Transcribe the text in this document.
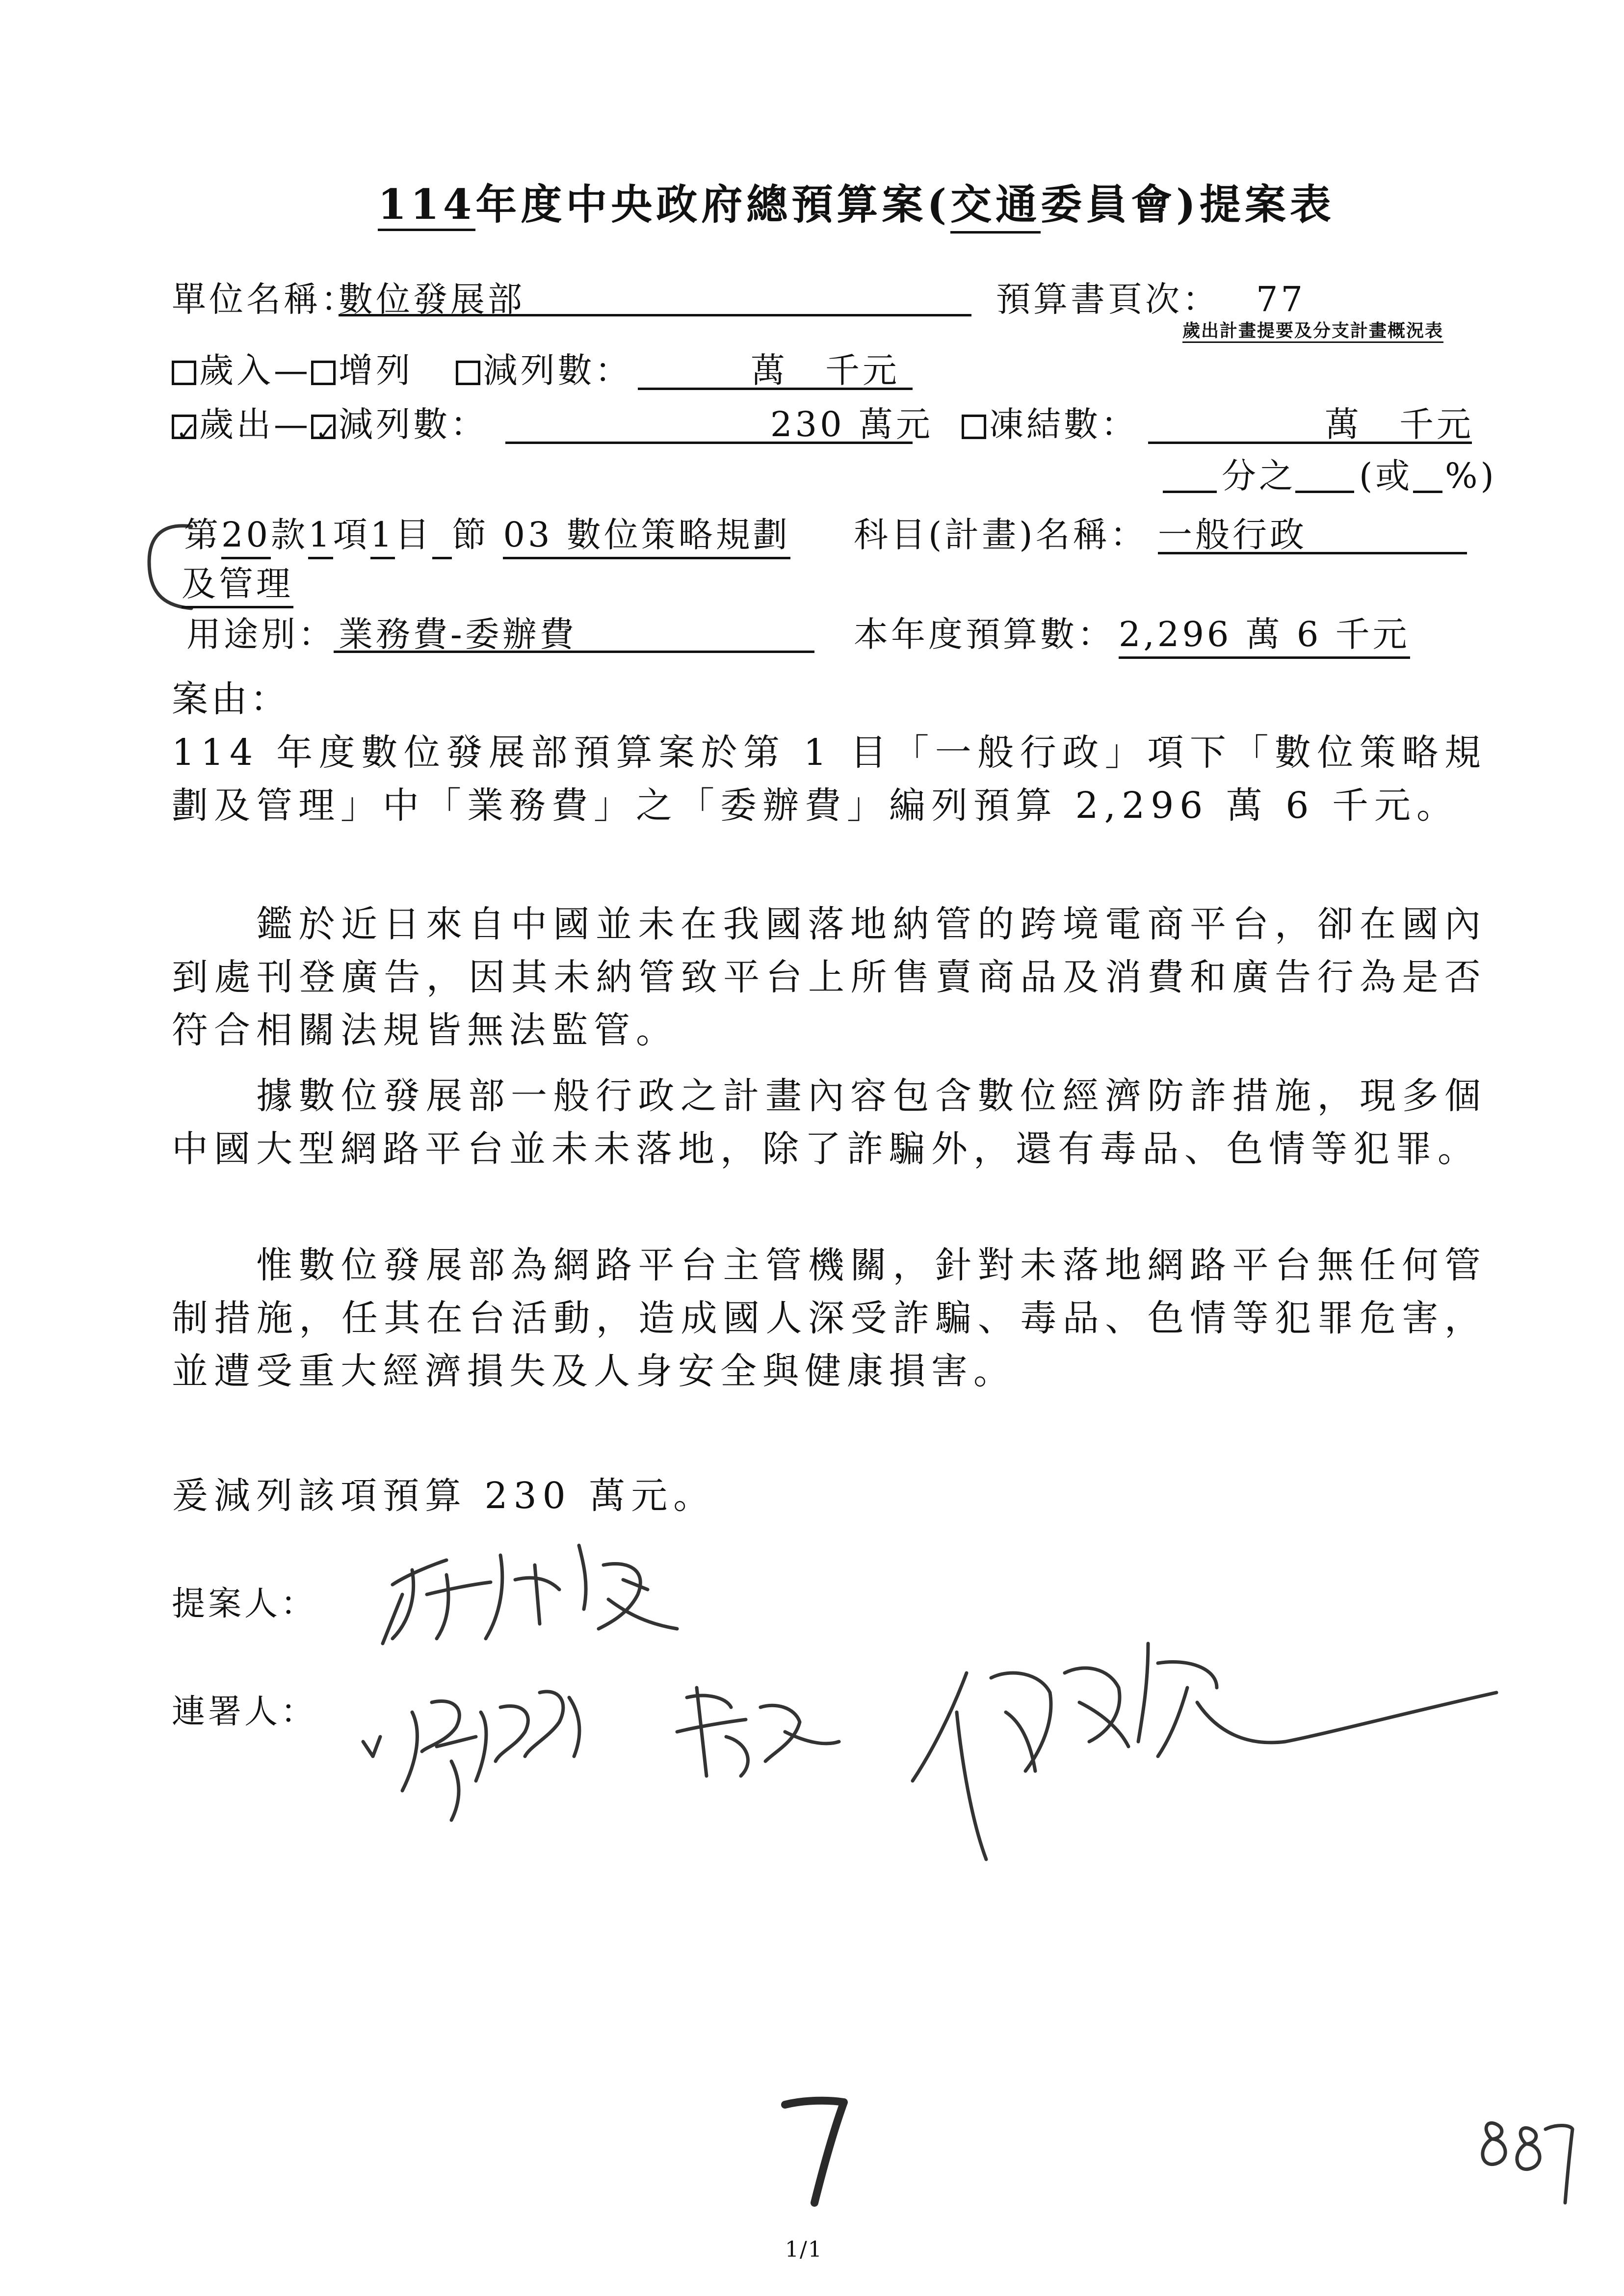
114年度中央政府總預算案(交通委員會)提案表
單位名稱：
數位發展部	預算書頁次： 77
歲出計畫提要及分支計畫概況表
歲入— 增列 減列數：	萬　千元
✓歲出—✓ 減列數：	230 萬元	凍結數：	萬　千元
分之 (或 %)
第20款1項1目 節 03 數位策略規劃 科目(計畫)名稱： 一般行政
及管理
用途別： 業務費-委辦費	本年度預算數： 2,296 萬 6 千元
案由：
114 年度數位發展部預算案於第 1 目「一般行政」項下「數位策略規劃及管理」中「業務費」之「委辦費」編列預算 2,296 萬 6 千元。
鑑於近日來自中國並未在我國落地納管的跨境電商平台，卻在國內到處刊登廣告，因其未納管致平台上所售賣商品及消費和廣告行為是否符合相關法規皆無法監管。
據數位發展部一般行政之計畫內容包含數位經濟防詐措施，現多個中國大型網路平台並未未落地，除了詐騙外，還有毒品、色情等犯罪。
惟數位發展部為網路平台主管機關，針對未落地網路平台無任何管制措施，任其在台活動，造成國人深受詐騙、毒品、色情等犯罪危害，並遭受重大經濟損失及人身安全與健康損害。
爰減列該項預算 230 萬元。
提案人：
連署人：
1/1
